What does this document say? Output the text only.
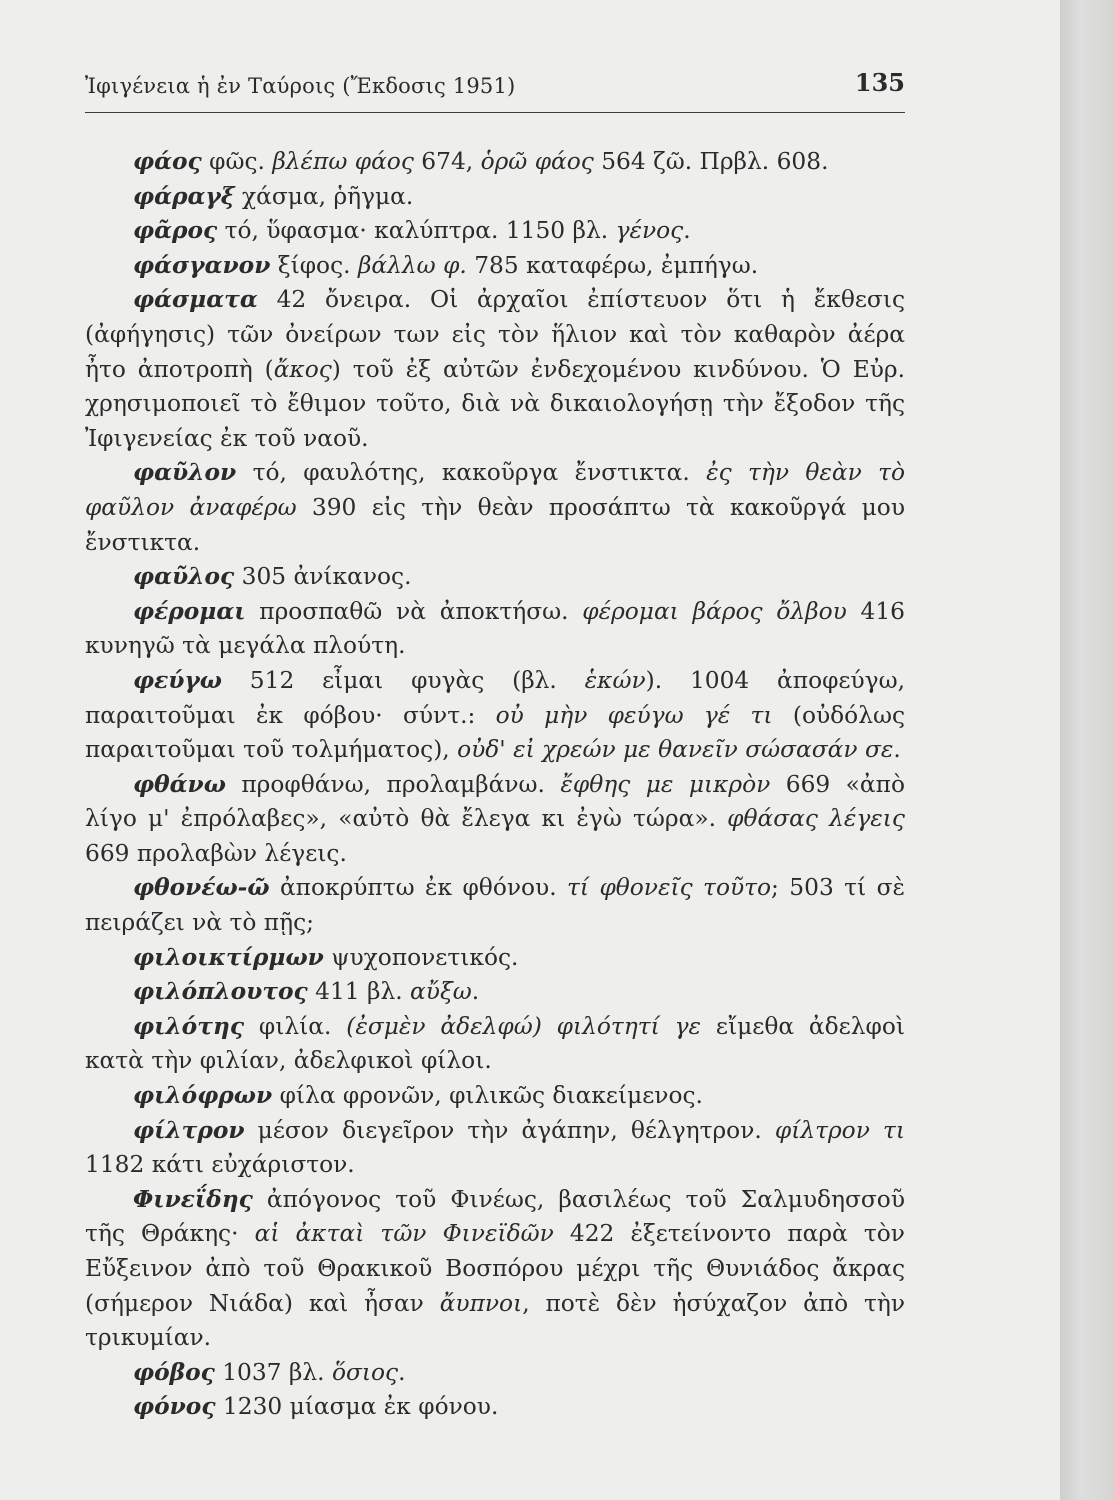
Ἰφιγένεια ἡ ἐν Ταύροις (Ἔκδοσις 1951)	135

φάος φῶς. βλέπω φάος 674, ὁρῶ φάος 564 ζῶ. Πρβλ. 608.

φάραγξ χάσμα, ῥῆγμα.

φᾶρος τό, ὕφασμα· καλύπτρα. 1150 βλ. γένος.

φάσγανον ξίφος. βάλλω φ. 785 καταφέρω, ἐμπήγω.

φάσματα 42 ὄνειρα. Οἱ ἀρχαῖοι ἐπίστευον ὅτι ἡ ἔκθεσις (ἀφήγησις) τῶν ὀνείρων των εἰς τὸν ἥλιον καὶ τὸν καθαρὸν ἀέρα ἦτο ἀποτροπὴ (ἄκος) τοῦ ἐξ αὐτῶν ἐνδεχομένου κινδύνου. Ὁ Εὐρ. χρησιμοποιεῖ τὸ ἔθιμον τοῦτο, διὰ νὰ δικαιολογήσῃ τὴν ἔξοδον τῆς Ἰφιγενείας ἐκ τοῦ ναοῦ.

φαῦλον τό, φαυλότης, κακοῦργα ἔνστικτα. ἐς τὴν θεὰν τὸ φαῦλον ἀναφέρω 390 εἰς τὴν θεὰν προσάπτω τὰ κακοῦργά μου ἔνστικτα.

φαῦλος 305 ἀνίκανος.

φέρομαι προσπαθῶ νὰ ἀποκτήσω. φέρομαι βάρος ὄλβου 416 κυνηγῶ τὰ μεγάλα πλούτη.

φεύγω 512 εἶμαι φυγὰς (βλ. ἑκών). 1004 ἀποφεύγω, παραιτοῦμαι ἐκ φόβου· σύντ.: οὐ μὴν φεύγω γέ τι (οὐδόλως παραιτοῦμαι τοῦ τολμήματος), οὐδ' εἰ χρεών με θανεῖν σώσασάν σε.

φθάνω προφθάνω, προλαμβάνω. ἔφθης με μικρὸν 669 «ἀπὸ λίγο μ' ἐπρόλαβες», «αὐτὸ θὰ ἔλεγα κι ἐγὼ τώρα». φθάσας λέγεις 669 προλαβὼν λέγεις.

φθονέω-ῶ ἀποκρύπτω ἐκ φθόνου. τί φθονεῖς τοῦτο; 503 τί σὲ πειράζει νὰ τὸ πῇς;

φιλοικτίρμων ψυχοπονετικός.

φιλόπλουτος 411 βλ. αὔξω.

φιλότης φιλία. (ἐσμὲν ἀδελφώ) φιλότητί γε εἴμεθα ἀδελφοὶ κατὰ τὴν φιλίαν, ἀδελφικοὶ φίλοι.

φιλόφρων φίλα φρονῶν, φιλικῶς διακείμενος.

φίλτρον μέσον διεγεῖρον τὴν ἀγάπην, θέλγητρον. φίλτρον τι 1182 κάτι εὐχάριστον.

Φινεΐδης ἀπόγονος τοῦ Φινέως, βασιλέως τοῦ Σαλμυδησσοῦ τῆς Θράκης· αἱ ἀκταὶ τῶν Φινεϊδῶν 422 ἐξετείνοντο παρὰ τὸν Εὔξεινον ἀπὸ τοῦ Θρακικοῦ Βοσπόρου μέχρι τῆς Θυνιάδος ἄκρας (σήμερον Νιάδα) καὶ ἦσαν ἄυπνοι, ποτὲ δὲν ἡσύχαζον ἀπὸ τὴν τρικυμίαν.

φόβος 1037 βλ. ὅσιος.

φόνος 1230 μίασμα ἐκ φόνου.
